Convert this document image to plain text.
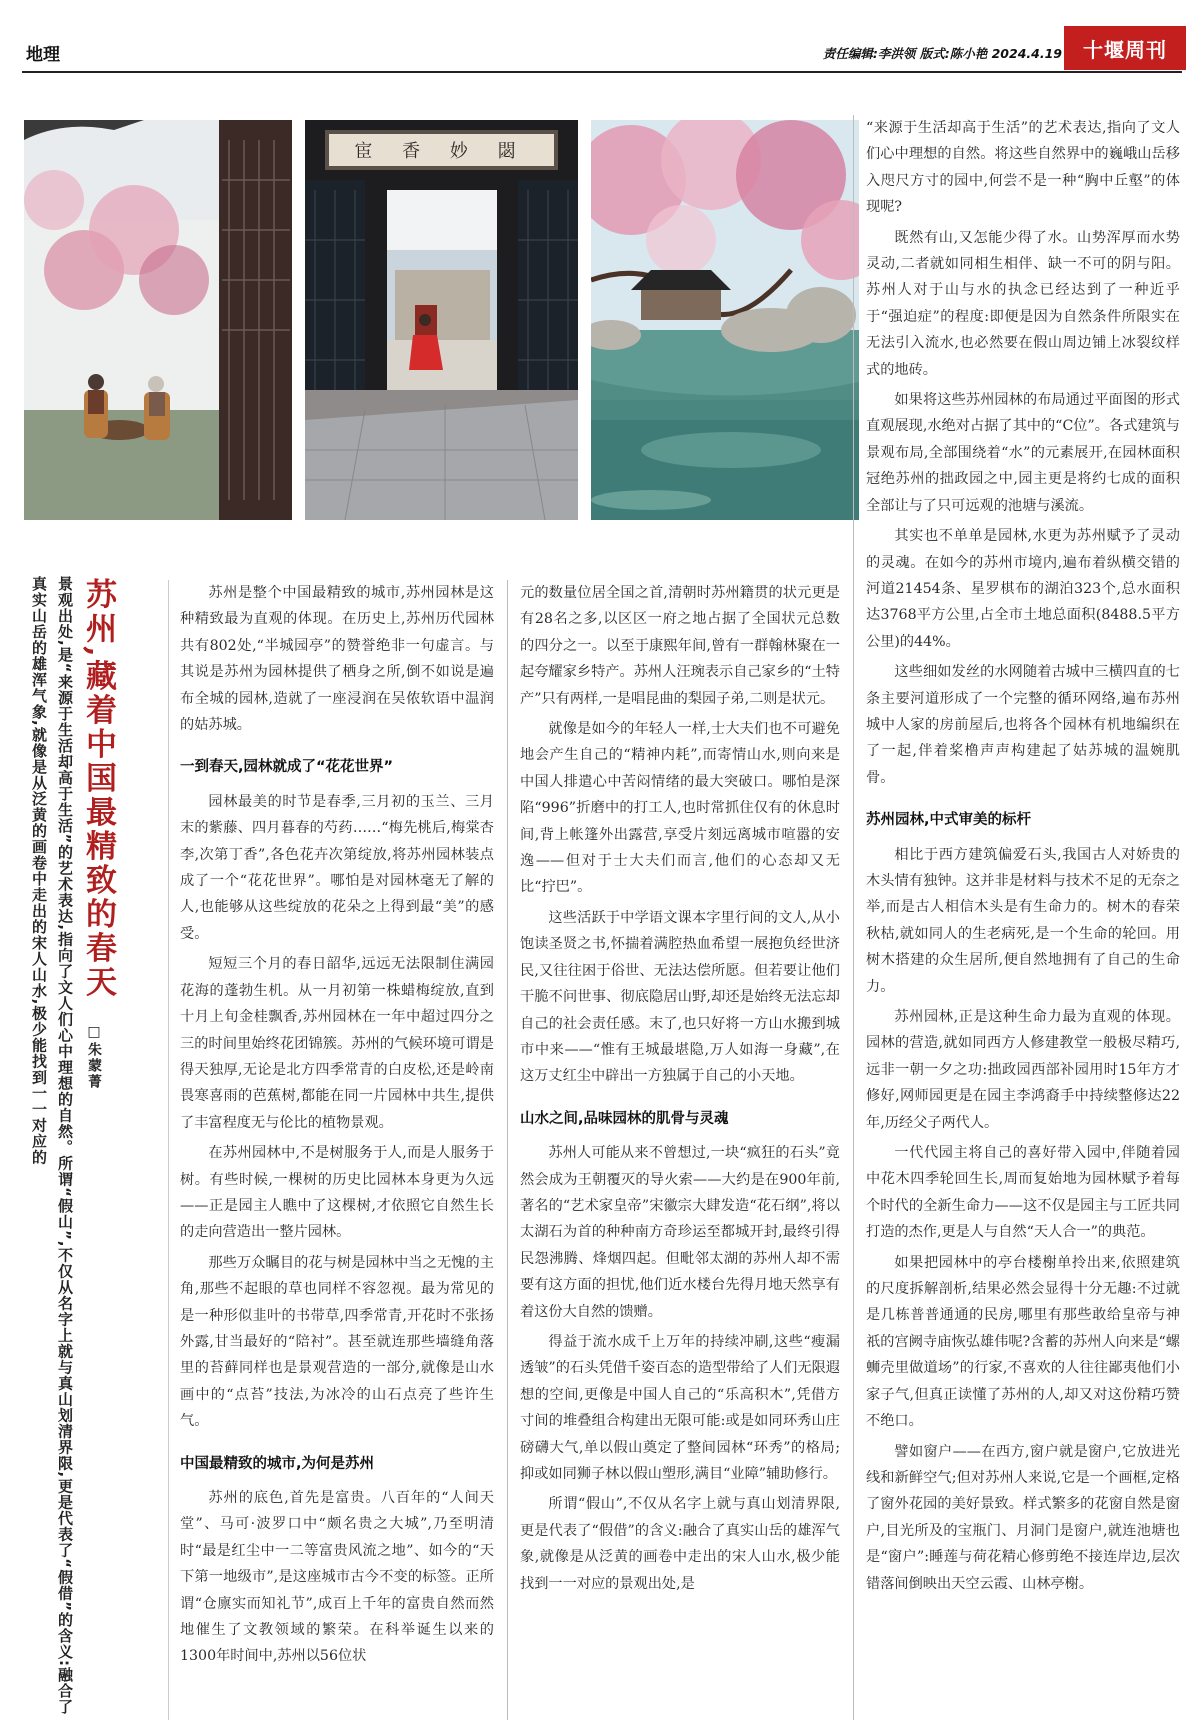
地理	责任编辑:李洪领 版式:陈小艳 2024.4.19	十堰周刊
宦 香 妙 閟
苏州,藏着中国最精致的春天
□朱蒙菁
景观出处,是“来源于生活却高于生活”的艺术表达,指向了文人们心中理想的自然。所谓“假山”,不仅从名字上就与真山划清界限,更是代表了“假借”的含义:融合了真实山岳的雄浑气象,就像是从泛黄的画卷中走出的宋人山水,极少能找到一一对应的	苏州是整个中国最精致的城市,苏州园林是这种精致最为直观的体现。在历史上,苏州历代园林共有802处,“半城园亭”的赞誉绝非一句虚言。与其说是苏州为园林提供了栖身之所,倒不如说是遍布全城的园林,造就了一座浸润在吴侬软语中温润的姑苏城。

一到春天,园林就成了“花花世界”

园林最美的时节是春季,三月初的玉兰、三月末的紫藤、四月暮春的芍药……“梅先桃后,梅棠杏李,次第丁香”,各色花卉次第绽放,将苏州园林装点成了一个“花花世界”。哪怕是对园林毫无了解的人,也能够从这些绽放的花朵之上得到最“美”的感受。

短短三个月的春日韶华,远远无法限制住满园花海的蓬勃生机。从一月初第一株蜡梅绽放,直到十月上旬金桂飘香,苏州园林在一年中超过四分之三的时间里始终花团锦簇。苏州的气候环境可谓是得天独厚,无论是北方四季常青的白皮松,还是岭南畏寒喜雨的芭蕉树,都能在同一片园林中共生,提供了丰富程度无与伦比的植物景观。

在苏州园林中,不是树服务于人,而是人服务于树。有些时候,一棵树的历史比园林本身更为久远——正是园主人瞧中了这棵树,才依照它自然生长的走向营造出一整片园林。

那些万众瞩目的花与树是园林中当之无愧的主角,那些不起眼的草也同样不容忽视。最为常见的是一种形似韭叶的书带草,四季常青,开花时不张扬外露,甘当最好的“陪衬”。甚至就连那些墙缝角落里的苔藓同样也是景观营造的一部分,就像是山水画中的“点苔”技法,为冰冷的山石点亮了些许生气。

中国最精致的城市,为何是苏州

苏州的底色,首先是富贵。八百年的“人间天堂”、马可·波罗口中“颇名贵之大城”,乃至明清时“最是红尘中一二等富贵风流之地”、如今的“天下第一地级市”,是这座城市古今不变的标签。正所谓“仓廪实而知礼节”,成百上千年的富贵自然而然地催生了文教领域的繁荣。在科举诞生以来的1300年时间中,苏州以56位状

元的数量位居全国之首,清朝时苏州籍贯的状元更是有28名之多,以区区一府之地占据了全国状元总数的四分之一。以至于康熙年间,曾有一群翰林聚在一起夸耀家乡特产。苏州人汪琬表示自己家乡的“土特产”只有两样,一是唱昆曲的梨园子弟,二则是状元。

就像是如今的年轻人一样,士大夫们也不可避免地会产生自己的“精神内耗”,而寄情山水,则向来是中国人排遣心中苦闷情绪的最大突破口。哪怕是深陷“996”折磨中的打工人,也时常抓住仅有的休息时间,背上帐篷外出露营,享受片刻远离城市喧嚣的安逸——但对于士大夫们而言,他们的心态却又无比“拧巴”。

这些活跃于中学语文课本字里行间的文人,从小饱读圣贤之书,怀揣着满腔热血希望一展抱负经世济民,又往往困于俗世、无法达偿所愿。但若要让他们干脆不问世事、彻底隐居山野,却还是始终无法忘却自己的社会责任感。末了,也只好将一方山水搬到城市中来——“惟有王城最堪隐,万人如海一身藏”,在这万丈红尘中辟出一方独属于自己的小天地。

山水之间,品味园林的肌骨与灵魂

苏州人可能从来不曾想过,一块“疯狂的石头”竟然会成为王朝覆灭的导火索——大约是在900年前,著名的“艺术家皇帝”宋徽宗大肆发造“花石纲”,将以太湖石为首的种种南方奇珍运至都城开封,最终引得民怨沸腾、烽烟四起。但毗邻太湖的苏州人却不需要有这方面的担忧,他们近水楼台先得月地天然享有着这份大自然的馈赠。

得益于流水成千上万年的持续冲刷,这些“瘦漏透皱”的石头凭借千姿百态的造型带给了人们无限遐想的空间,更像是中国人自己的“乐高积木”,凭借方寸间的堆叠组合构建出无限可能:或是如同环秀山庄磅礴大气,单以假山奠定了整间园林“环秀”的格局;抑或如同狮子林以假山塑形,满目“业障”辅助修行。

所谓“假山”,不仅从名字上就与真山划清界限,更是代表了“假借”的含义:融合了真实山岳的雄浑气象,就像是从泛黄的画卷中走出的宋人山水,极少能找到一一对应的景观出处,是

“来源于生活却高于生活”的艺术表达,指向了文人们心中理想的自然。将这些自然界中的巍峨山岳移入咫尺方寸的园中,何尝不是一种“胸中丘壑”的体现呢?

既然有山,又怎能少得了水。山势浑厚而水势灵动,二者就如同相生相伴、缺一不可的阴与阳。苏州人对于山与水的执念已经达到了一种近乎于“强迫症”的程度:即便是因为自然条件所限实在无法引入流水,也必然要在假山周边铺上冰裂纹样式的地砖。

如果将这些苏州园林的布局通过平面图的形式直观展现,水绝对占据了其中的“C位”。各式建筑与景观布局,全部围绕着“水”的元素展开,在园林面积冠绝苏州的拙政园之中,园主更是将约七成的面积全部让与了只可远观的池塘与溪流。

其实也不单单是园林,水更为苏州赋予了灵动的灵魂。在如今的苏州市境内,遍布着纵横交错的河道21454条、星罗棋布的湖泊323个,总水面积达3768平方公里,占全市土地总面积(8488.5平方公里)的44%。

这些细如发丝的水网随着古城中三横四直的七条主要河道形成了一个完整的循环网络,遍布苏州城中人家的房前屋后,也将各个园林有机地编织在了一起,伴着桨橹声声构建起了姑苏城的温婉肌骨。

苏州园林,中式审美的标杆

相比于西方建筑偏爱石头,我国古人对娇贵的木头情有独钟。这并非是材料与技术不足的无奈之举,而是古人相信木头是有生命力的。树木的春荣秋枯,就如同人的生老病死,是一个生命的轮回。用树木搭建的众生居所,便自然地拥有了自己的生命力。

苏州园林,正是这种生命力最为直观的体现。园林的营造,就如同西方人修建教堂一般极尽精巧,远非一朝一夕之功:拙政园西部补园用时15年方才修好,网师园更是在园主李鸿裔手中持续整修达22年,历经父子两代人。

一代代园主将自己的喜好带入园中,伴随着园中花木四季轮回生长,周而复始地为园林赋予着每个时代的全新生命力——这不仅是园主与工匠共同打造的杰作,更是人与自然“天人合一”的典范。

如果把园林中的亭台楼榭单拎出来,依照建筑的尺度拆解剖析,结果必然会显得十分无趣:不过就是几栋普普通通的民房,哪里有那些敢给皇帝与神祇的宫阙寺庙恢弘雄伟呢?含蓄的苏州人向来是“螺蛳壳里做道场”的行家,不喜欢的人往往鄙夷他们小家子气,但真正读懂了苏州的人,却又对这份精巧赞不绝口。

譬如窗户——在西方,窗户就是窗户,它放进光线和新鲜空气;但对苏州人来说,它是一个画框,定格了窗外花园的美好景致。样式繁多的花窗自然是窗户,目光所及的宝瓶门、月洞门是窗户,就连池塘也是“窗户”:睡莲与荷花精心修剪绝不接连岸边,层次错落间倒映出天空云霞、山林亭榭。
